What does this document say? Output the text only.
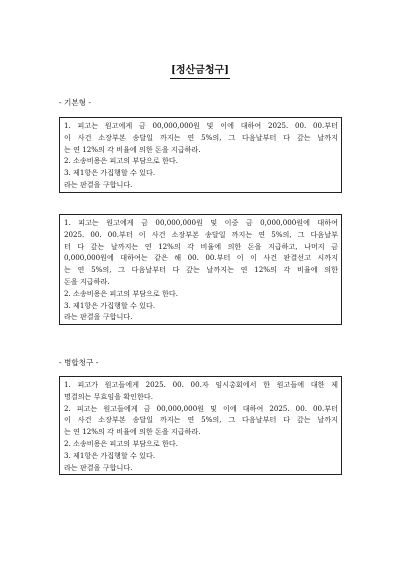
[정산금청구]
- 기본형 -
1. 피고는 원고에게 금 00,000,000원 및 이에 대하여 2025. 00. 00.부터
이 사건 소장부본 송달일 까지는 연 5%의, 그 다음날부터 다 갚는 날까지
는 연 12%의 각 비율에 의한 돈을 지급하라.
2. 소송비용은 피고의 부담으로 한다.
3. 제1항은 가집행할 수 있다.
라는 판결을 구합니다.
1. 피고는 원고에게 금 00,000,000원 및 이중 금 0,000,000원에 대하여
2025. 00. 00.부터 이 사건 소장부본 송달일 까지는 연 5%의, 그 다음날부
터 다 갚는 날까지는 연 12%의 각 비율에 의한 돈을 지급하고, 나머지 금
0,000,000원에 대하여는 같은 해 00. 00.부터 이 이 사건 판결선고 시까지
는 연 5%의, 그 다음날부터 다 갚는 날까지는 연 12%의 각 비율에 의한
돈을 지급하라.
2. 소송비용은 피고의 부담으로 한다.
3. 제1항은 가집행할 수 있다.
라는 판결을 구합니다.
- 병합청구 -
1. 피고가 원고들에게 2025. 00. 00.자 임시총회에서 한 원고들에 대한 제
명결의는 무효임을 확인한다.
2. 피고는 원고들에게 금 00,000,000원 및 이에 대하여 2025. 00. 00.부터
이 사건 소장부본 송달일 까지는 연 5%의, 그 다음날부터 다 갚는 날까지
는 연 12%의 각 비율에 의한 돈을 지급하라.
2. 소송비용은 피고의 부담으로 한다.
3. 제1항은 가집행할 수 있다.
라는 판결을 구합니다.
